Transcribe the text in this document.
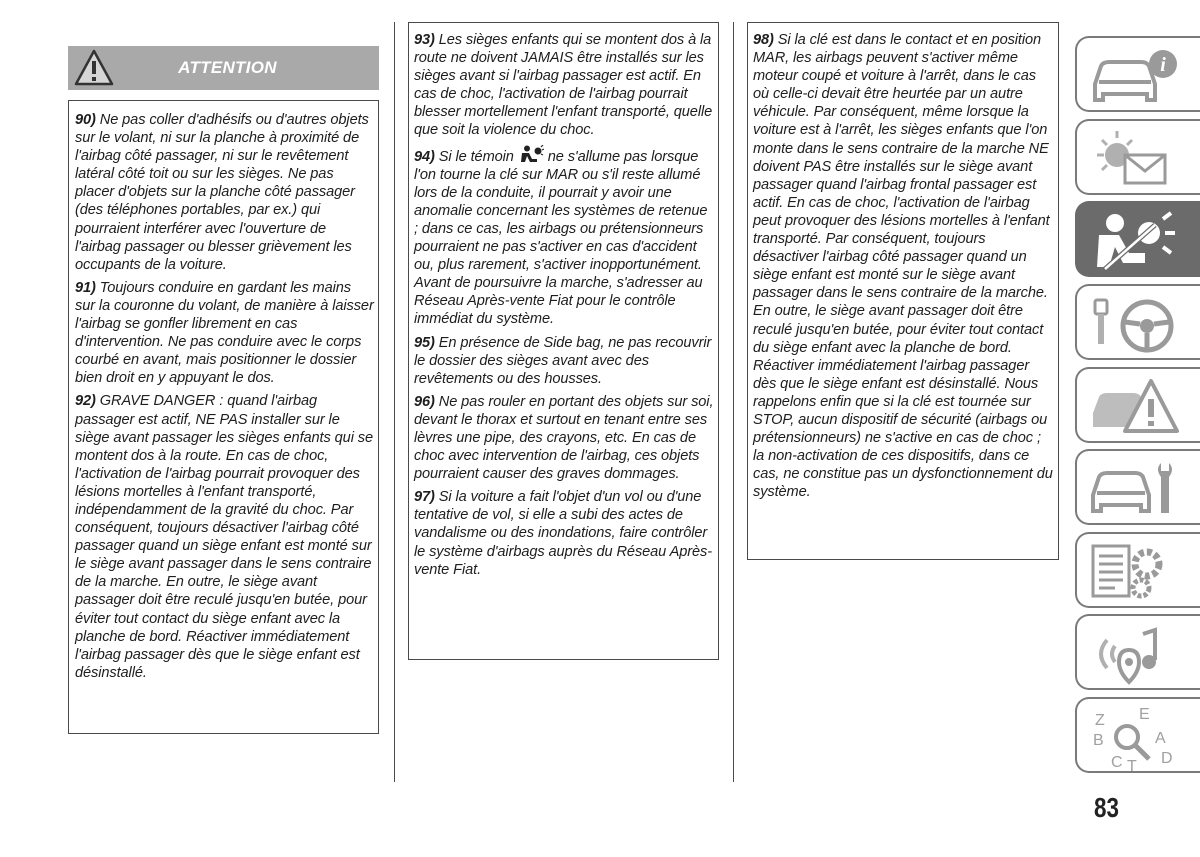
ATTENTION

90) Ne pas coller d'adhésifs ou d'autres objets sur le volant, ni sur la planche à proximité de l'airbag côté passager, ni sur le revêtement latéral côté toit ou sur les sièges. Ne pas placer d'objets sur la planche côté passager (des téléphones portables, par ex.) qui pourraient interférer avec l'ouverture de l'airbag passager ou blesser grièvement les occupants de la voiture.

91) Toujours conduire en gardant les mains sur la couronne du volant, de manière à laisser l'airbag se gonfler librement en cas d'intervention. Ne pas conduire avec le corps courbé en avant, mais positionner le dossier bien droit en y appuyant le dos.

92) GRAVE DANGER : quand l'airbag passager est actif, NE PAS installer sur le siège avant passager les sièges enfants qui se montent dos à la route. En cas de choc, l'activation de l'airbag pourrait provoquer des lésions mortelles à l'enfant transporté, indépendamment de la gravité du choc. Par conséquent, toujours désactiver l'airbag côté passager quand un siège enfant est monté sur le siège avant passager dans le sens contraire de la marche. En outre, le siège avant passager doit être reculé jusqu'en butée, pour éviter tout contact du siège enfant avec la planche de bord. Réactiver immédiatement l'airbag passager dès que le siège enfant est désinstallé.

93) Les sièges enfants qui se montent dos à la route ne doivent JAMAIS être installés sur les sièges avant si l'airbag passager est actif. En cas de choc, l'activation de l'airbag pourrait blesser mortellement l'enfant transporté, quelle que soit la violence du choc.

94) Si le témoin  ne s'allume pas lorsque l'on tourne la clé sur MAR ou s'il reste allumé lors de la conduite, il pourrait y avoir une anomalie concernant les systèmes de retenue ; dans ce cas, les airbags ou prétensionneurs pourraient ne pas s'activer en cas d'accident ou, plus rarement, s'activer inopportunément. Avant de poursuivre la marche, s'adresser au Réseau Après-vente Fiat pour le contrôle immédiat du système.

95) En présence de Side bag, ne pas recouvrir le dossier des sièges avant avec des revêtements ou des housses.

96) Ne pas rouler en portant des objets sur soi, devant le thorax et surtout en tenant entre ses lèvres une pipe, des crayons, etc. En cas de choc avec intervention de l'airbag, ces objets pourraient causer des graves dommages.

97) Si la voiture a fait l'objet d'un vol ou d'une tentative de vol, si elle a subi des actes de vandalisme ou des inondations, faire contrôler le système d'airbags auprès du Réseau Après-vente Fiat.

98) Si la clé est dans le contact et en position MAR, les airbags peuvent s'activer même moteur coupé et voiture à l'arrêt, dans le cas où celle-ci devait être heurtée par un autre véhicule. Par conséquent, même lorsque la voiture est à l'arrêt, les sièges enfants que l'on monte dans le sens contraire de la marche NE doivent PAS être installés sur le siège avant passager quand l'airbag frontal passager est actif. En cas de choc, l'activation de l'airbag peut provoquer des lésions mortelles à l'enfant transporté. Par conséquent, toujours désactiver l'airbag côté passager quand un siège enfant est monté sur le siège avant passager dans le sens contraire de la marche. En outre, le siège avant passager doit être reculé jusqu'en butée, pour éviter tout contact du siège enfant avec la planche de bord. Réactiver immédiatement l'airbag passager dès que le siège enfant est désinstallé. Nous rappelons enfin que si la clé est tournée sur STOP, aucun dispositif de sécurité (airbags ou prétensionneurs) ne s'active en cas de choc ; la non-activation de ces dispositifs, dans ce cas, ne constitue pas un dysfonctionnement du système.

i
Z E
B	A
C T D
83
